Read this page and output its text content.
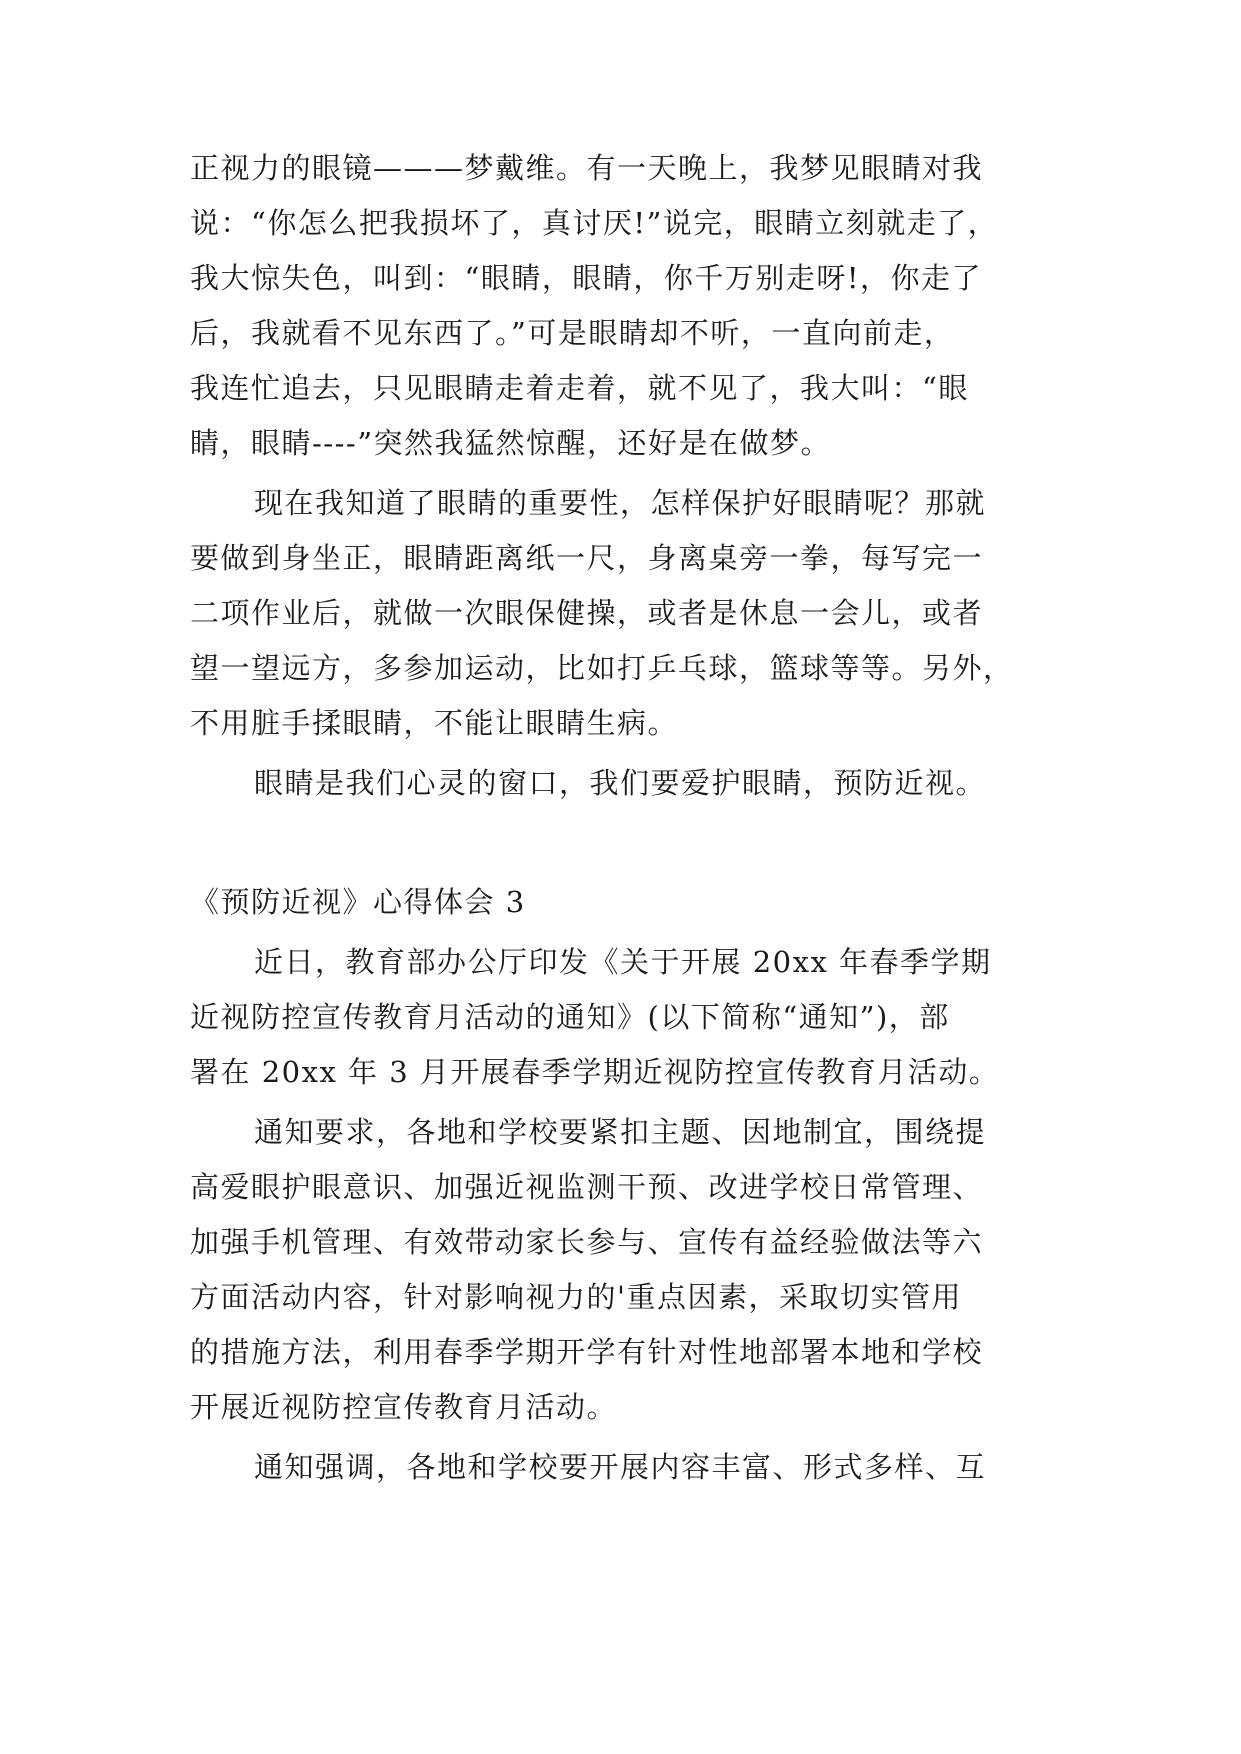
正视力的眼镜———梦戴维。有一天晚上，我梦见眼睛对我
说：“你怎么把我损坏了，真讨厌!”说完，眼睛立刻就走了，
我大惊失色，叫到：“眼睛，眼睛，你千万别走呀!，你走了
后，我就看不见东西了。”可是眼睛却不听，一直向前走，
我连忙追去，只见眼睛走着走着，就不见了，我大叫：“眼
睛，眼睛----”突然我猛然惊醒，还好是在做梦。
现在我知道了眼睛的重要性，怎样保护好眼睛呢？那就
要做到身坐正，眼睛距离纸一尺，身离桌旁一拳，每写完一
二项作业后，就做一次眼保健操，或者是休息一会儿，或者
望一望远方，多参加运动，比如打乒乓球，篮球等等。另外，
不用脏手揉眼睛，不能让眼睛生病。
眼睛是我们心灵的窗口，我们要爱护眼睛，预防近视。
《预防近视》心得体会 3
近日，教育部办公厅印发《关于开展 20xx 年春季学期
近视防控宣传教育月活动的通知》(以下简称“通知”)，部
署在 20xx 年 3 月开展春季学期近视防控宣传教育月活动。
通知要求，各地和学校要紧扣主题、因地制宜，围绕提
高爱眼护眼意识、加强近视监测干预、改进学校日常管理、
加强手机管理、有效带动家长参与、宣传有益经验做法等六
方面活动内容，针对影响视力的'重点因素，采取切实管用
的措施方法，利用春季学期开学有针对性地部署本地和学校
开展近视防控宣传教育月活动。
通知强调，各地和学校要开展内容丰富、形式多样、互
